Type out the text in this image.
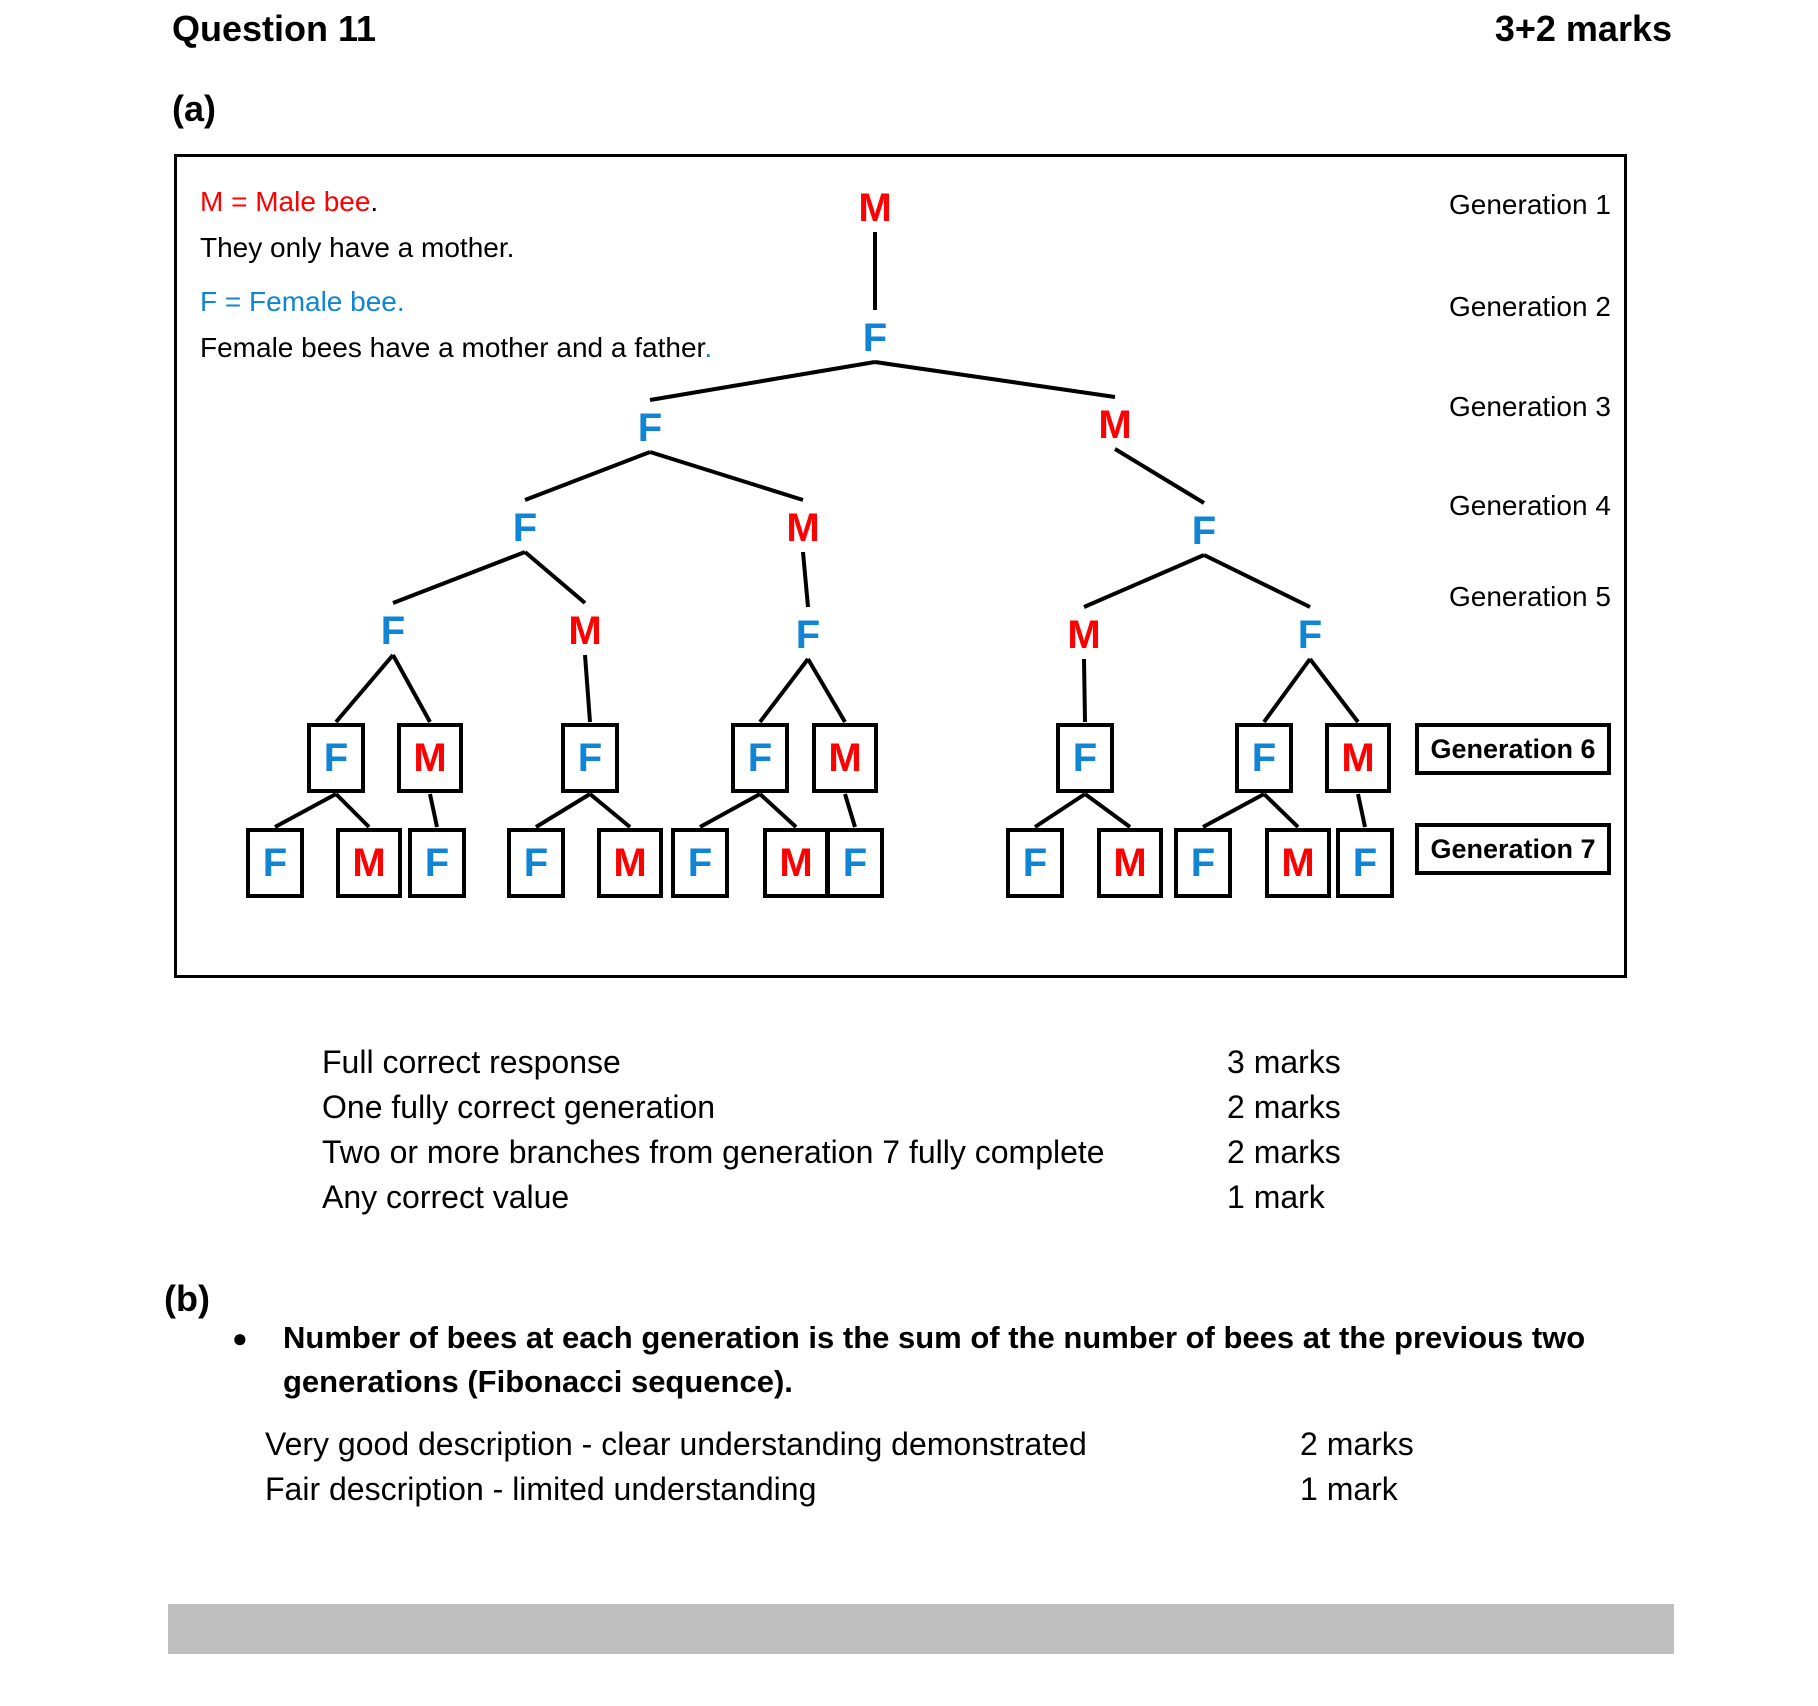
Question 11	3+2 marks
(a)
M
F
F	M
F	M	F
F	M	F	M	F
F M	F	F M	F	F M
F M F F M F M F	F M F M F
M = Male bee.
They only have a mother.
F = Female bee.
Female bees have a mother and a father.
Generation 1
Generation 2
Generation 3
Generation 4
Generation 5
Generation 6
Generation 7
Full correct response	3 marks
One fully correct generation	2 marks
Two or more branches from generation 7 fully complete	2 marks
Any correct value	1 mark
(b)
●	Number of bees at each generation is the sum of the number of bees at the previous two generations (Fibonacci sequence).
Very good description - clear understanding demonstrated	2 marks
Fair description - limited understanding	1 mark
